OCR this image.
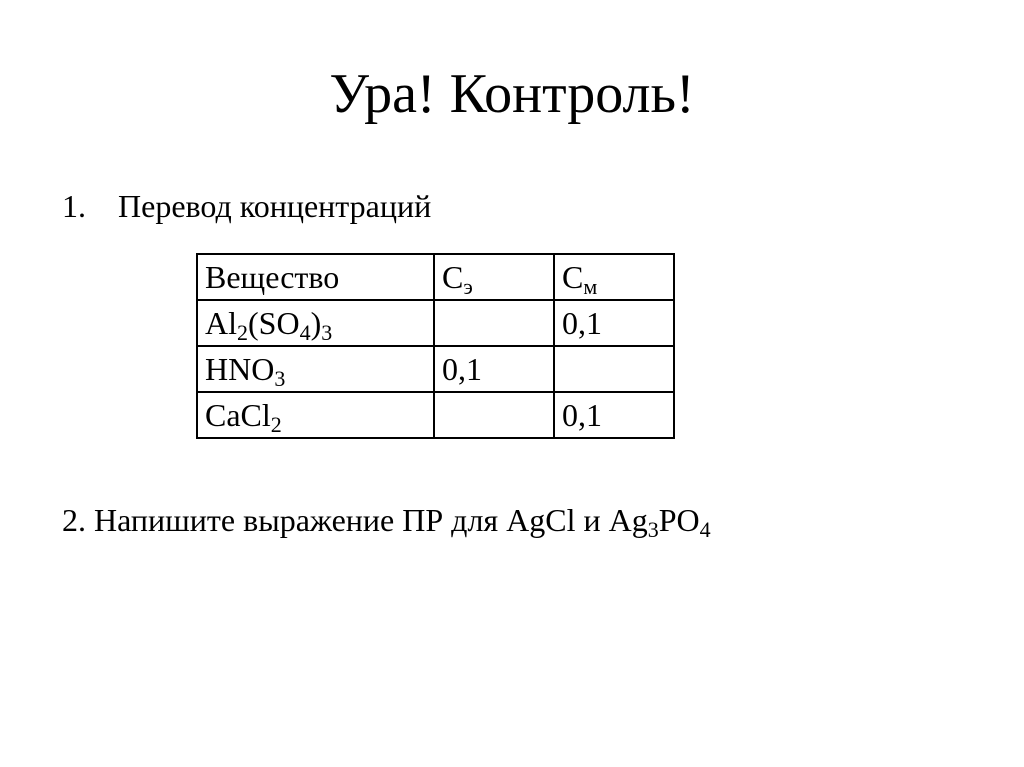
Ура! Контроль!
1. Перевод концентраций
Вещество	$С_э$	$С_м$
$Al_2(SO_4)_3$		0,1
$HNO_3$	0,1	
CaCl$_2$		0,1
2. Напишите выражение ПР для AgCl и $Ag_3PO_4$
